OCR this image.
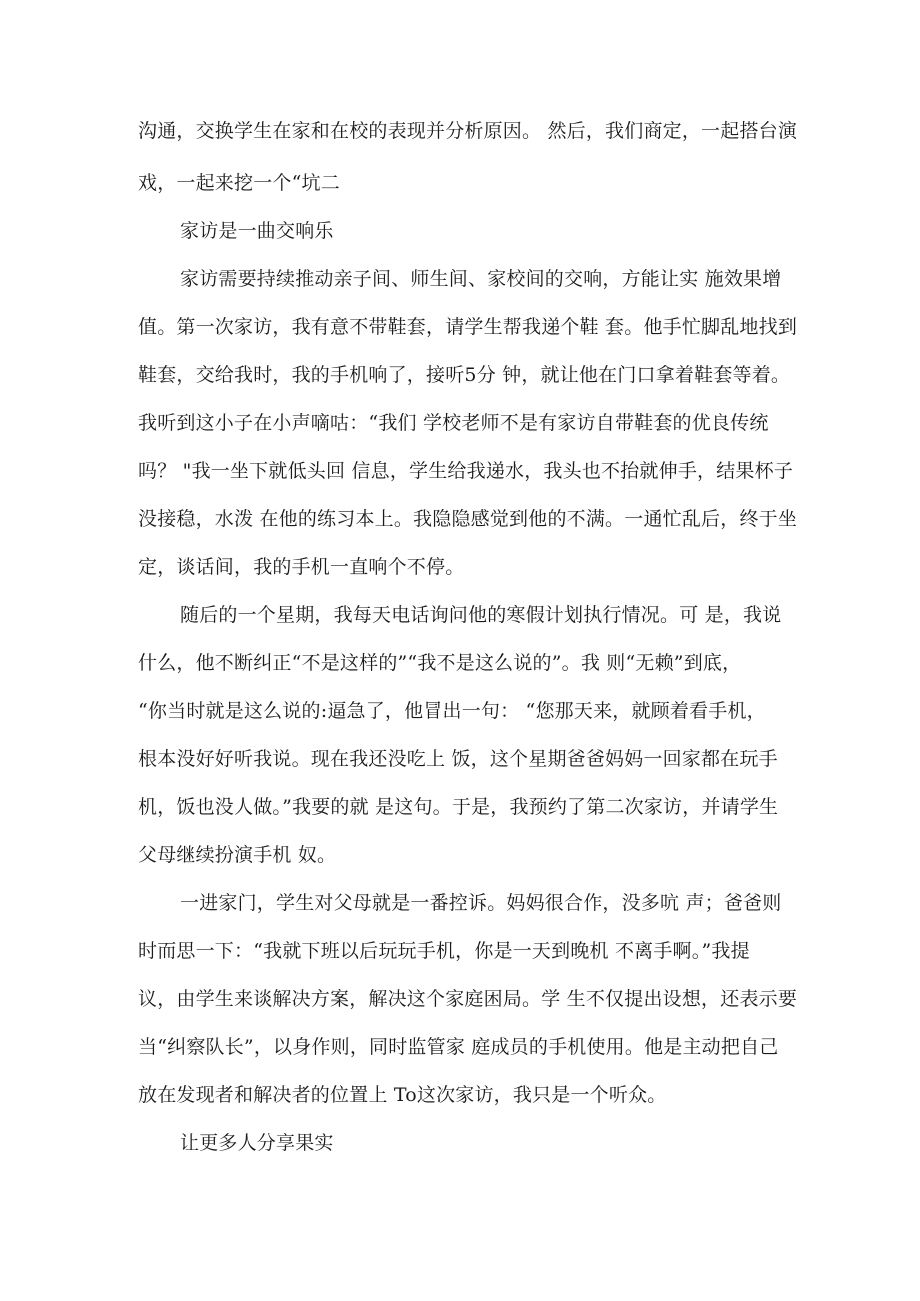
沟通，交换学生在家和在校的表现并分析原因。 然后，我们商定，一起搭台演
戏，一起来挖一个“坑二
家访是一曲交响乐
家访需要持续推动亲子间、师生间、家校间的交响，方能让实 施效果增
值。第一次家访，我有意不带鞋套，请学生帮我递个鞋 套。他手忙脚乱地找到
鞋套，交给我时，我的手机响了，接听5分 钟，就让他在门口拿着鞋套等着。
我听到这小子在小声嘀咕：“我们 学校老师不是有家访自带鞋套的优良传统
吗？ "我一坐下就低头回 信息，学生给我递水，我头也不抬就伸手，结果杯子
没接稳，水泼 在他的练习本上。我隐隐感觉到他的不满。一通忙乱后，终于坐
定，谈话间，我的手机一直响个不停。
随后的一个星期，我每天电话询问他的寒假计划执行情况。可 是，我说
什么，他不断纠正“不是这样的”“我不是这么说的”。我 则“无赖”到底，
“你当时就是这么说的:逼急了，他冒出一句： “您那天来，就顾着看手机，
根本没好好听我说。现在我还没吃上 饭，这个星期爸爸妈妈一回家都在玩手
机，饭也没人做。”我要的就 是这句。于是，我预约了第二次家访，并请学生
父母继续扮演手机 奴。
一进家门，学生对父母就是一番控诉。妈妈很合作，没多吭 声；爸爸则
时而思一下：“我就下班以后玩玩手机，你是一天到晚机 不离手啊。”我提
议，由学生来谈解决方案，解决这个家庭困局。学 生不仅提出设想，还表示要
当“纠察队长”，以身作则，同时监管家 庭成员的手机使用。他是主动把自己
放在发现者和解决者的位置上 To这次家访，我只是一个听众。
让更多人分享果实
